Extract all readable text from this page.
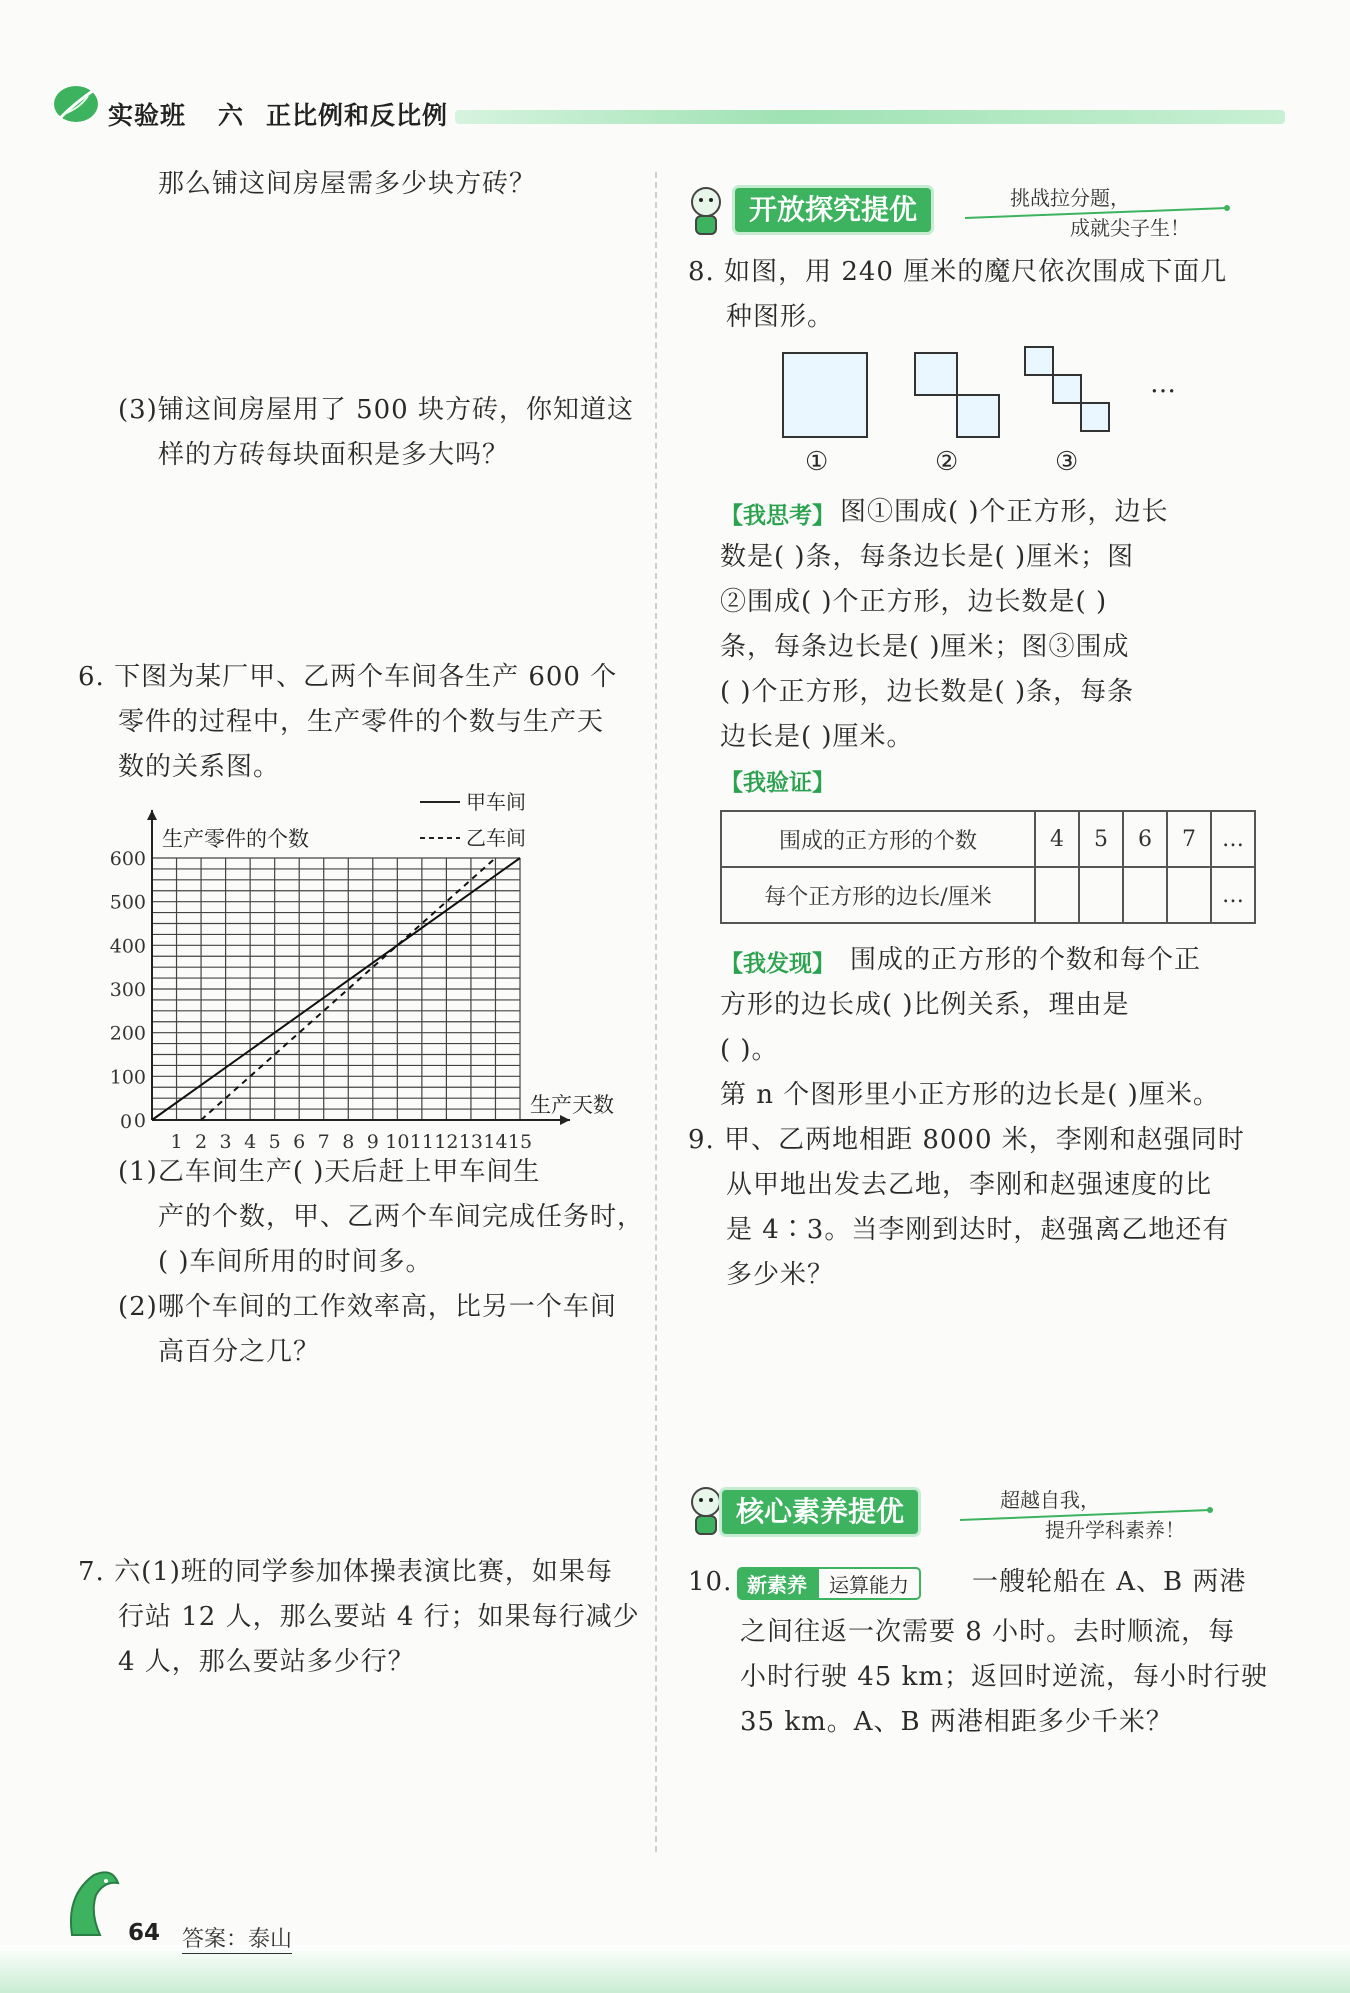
实验班 六 正比例和反比例
那么铺这间房屋需多少块方砖？
(3)铺这间房屋用了 500 块方砖，你知道这
样的方砖每块面积是多大吗？
6. 下图为某厂甲、乙两个车间各生产 600 个
零件的过程中，生产零件的个数与生产天
数的关系图。
0
100
200
300
400
500
600
1 2 3 4 5 6 7 8 9 10 11 12 13 14 15
0
生产零件的个数
生产天数
甲车间
乙车间
(1)乙车间生产( )天后赶上甲车间生
产的个数，甲、乙两个车间完成任务时，
( )车间所用的时间多。
(2)哪个车间的工作效率高，比另一个车间
高百分之几？
7. 六(1)班的同学参加体操表演比赛，如果每
行站 12 人，那么要站 4 行；如果每行减少
4 人，那么要站多少行？
开放探究提优	挑战拉分题，
成就尖子生！
8. 如图，用 240 厘米的魔尺依次围成下面几
种图形。
…
①	②	③
【我思考】 图①围成( )个正方形，边长
数是( )条，每条边长是( )厘米；图
②围成( )个正方形，边长数是( )
条，每条边长是( )厘米；图③围成
( )个正方形，边长数是( )条，每条
边长是( )厘米。
【我验证】
围成的正方形的个数	4	5	6	7	…
每个正方形的边长/厘米					…
【我发现】 围成的正方形的个数和每个正
方形的边长成( )比例关系，理由是
( )。
第 n 个图形里小正方形的边长是( )厘米。
9. 甲、乙两地相距 8000 米，李刚和赵强同时
从甲地出发去乙地，李刚和赵强速度的比
是 4∶3。当李刚到达时，赵强离乙地还有
多少米？
核心素养提优	超越自我，
提升学科素养！
10. 新素养 运算能力	一艘轮船在 A、B 两港
之间往返一次需要 8 小时。去时顺流，每
小时行驶 45 km；返回时逆流，每小时行驶
35 km。A、B 两港相距多少千米？
64 答案：泰山
